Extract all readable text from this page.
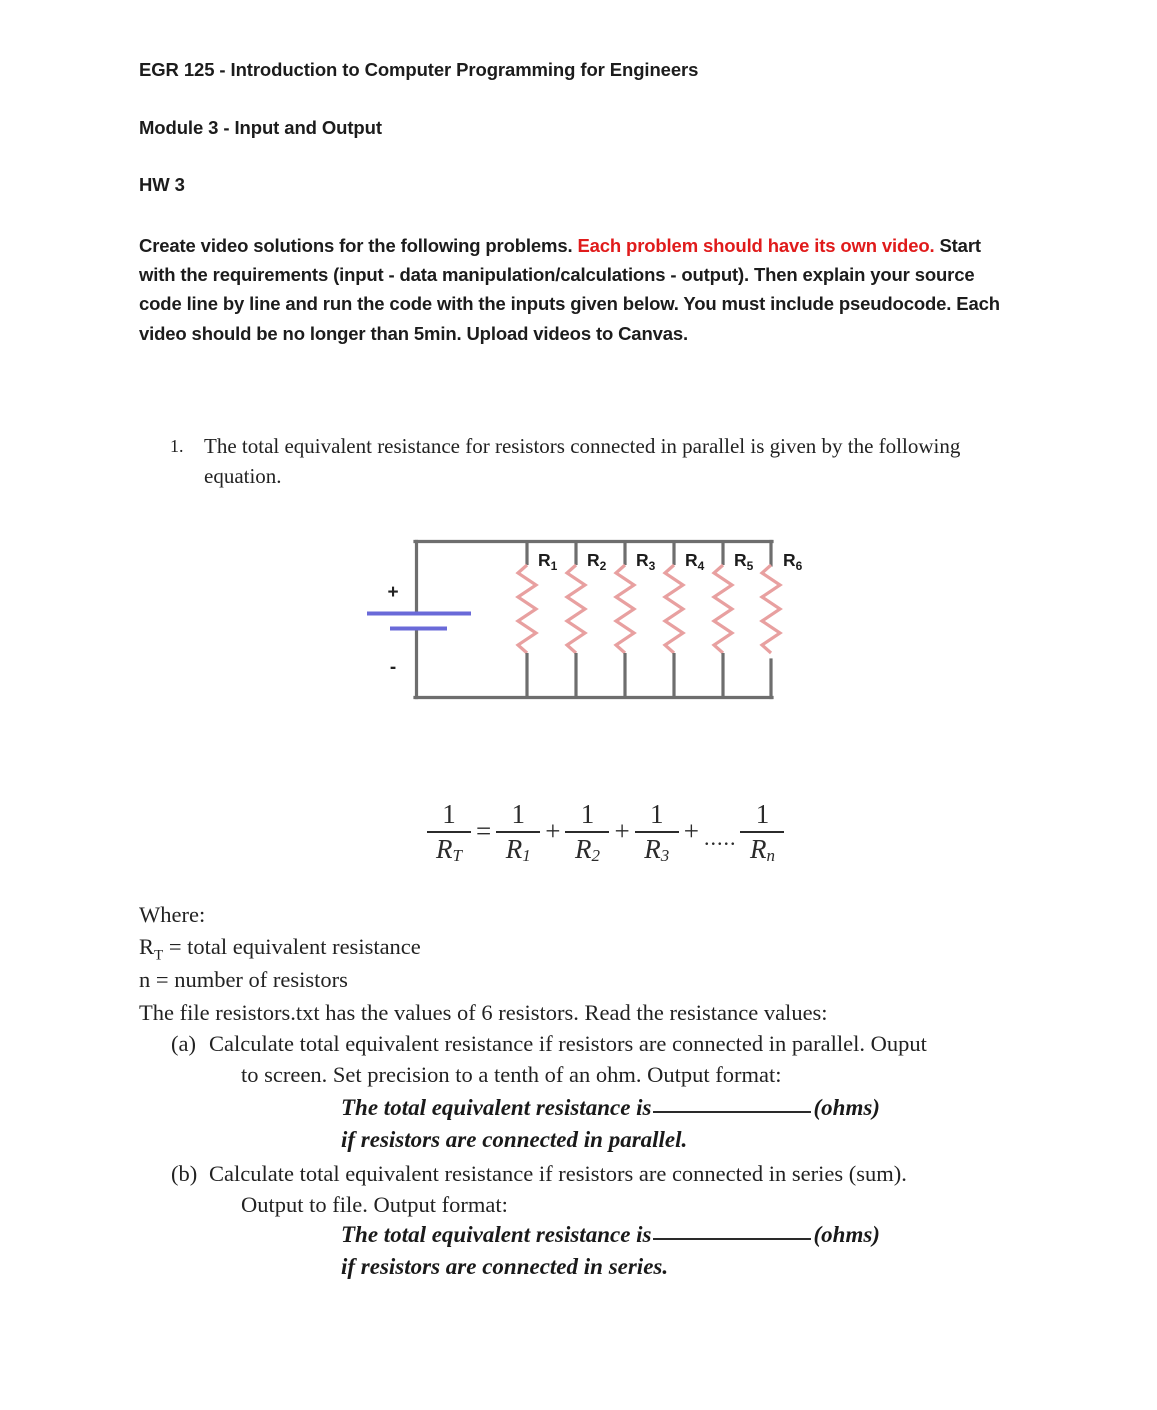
EGR 125 - Introduction to Computer Programming for Engineers
Module 3 - Input and Output
HW 3
Create video solutions for the following problems. Each problem should have its own video. Start with the requirements (input - data manipulation/calculations - output). Then explain your source code line by line and run the code with the inputs given below. You must include pseudocode. Each video should be no longer than 5min. Upload videos to Canvas.
1. The total equivalent resistance for resistors connected in parallel is given by the following equation.
+
-
$R_1$ $R_2$ $R_3$ $R_4$ $R_5$ $R_6$
$\frac{1}{R_T} = \frac{1}{R_1} + \frac{1}{R_2} + \frac{1}{R_3}$ + ..... $\frac{1}{R_n}$
Where:
$R_T$ = total equivalent resistance
n = number of resistors
The file resistors.txt has the values of 6 resistors. Read the resistance values:
(a) Calculate total equivalent resistance if resistors are connected in parallel. Ouput
to screen. Set precision to a tenth of an ohm. Output format:
The total equivalent resistance is	(ohms)
if resistors are connected in parallel.
(b) Calculate total equivalent resistance if resistors are connected in series (sum).
Output to file. Output format:
The total equivalent resistance is	(ohms)
if resistors are connected in series.
